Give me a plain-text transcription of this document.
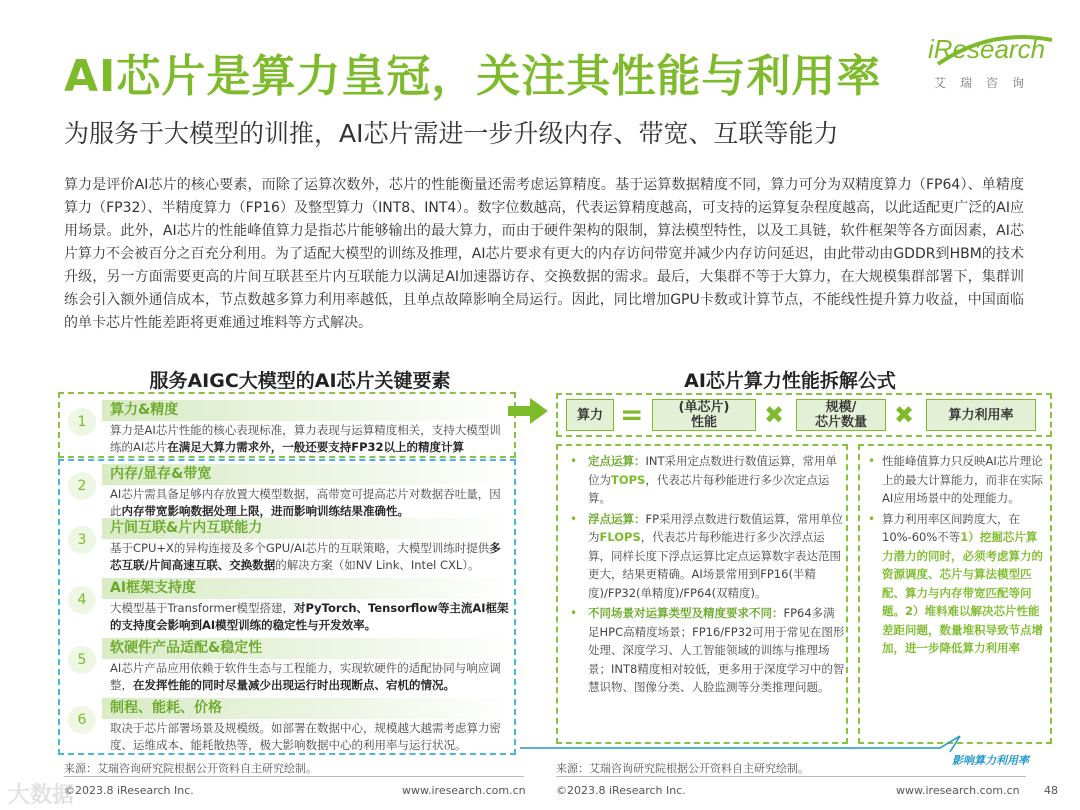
AI芯片是算力皇冠，关注其性能与利用率
iResearch
艾瑞咨询
为服务于大模型的训推，AI芯片需进一步升级内存、带宽、互联等能力
算力是评价AI芯片的核心要素，而除了运算次数外，芯片的性能衡量还需考虑运算精度。基于运算数据精度不同，算力可分为双精度算力（FP64）、单精度算力（FP32）、半精度算力（FP16）及整型算力（INT8、INT4）。数字位数越高，代表运算精度越高，可支持的运算复杂程度越高，以此适配更广泛的AI应用场景。此外，AI芯片的性能峰值算力是指芯片能够输出的最大算力，而由于硬件架构的限制，算法模型特性，以及工具链，软件框架等各方面因素，AI芯片算力不会被百分之百充分利用。为了适配大模型的训练及推理，AI芯片要求有更大的内存访问带宽并减少内存访问延迟，由此带动由GDDR到HBM的技术升级，另一方面需要更高的片间互联甚至片内互联能力以满足AI加速器访存、交换数据的需求。最后，大集群不等于大算力，在大规模集群部署下，集群训练会引入额外通信成本，节点数越多算力利用率越低，且单点故障影响全局运行。因此，同比增加GPU卡数或计算节点，不能线性提升算力收益，中国面临的单卡芯片性能差距将更难通过堆料等方式解决。
服务AIGC大模型的AI芯片关键要素	AI芯片算力性能拆解公式
1
算力&精度
算力是AI芯片性能的核心表现标准，算力表现与运算精度相关，支持大模型训练的AI芯片在满足大算力需求外，一般还要支持FP32以上的精度计算
2
内存/显存&带宽
AI芯片需具备足够内存放置大模型数据，高带宽可提高芯片对数据吞吐量，因此内存带宽影响数据处理上限，进而影响训练结果准确性。
3
片间互联&片内互联能力
基于CPU+X的异构连接及多个GPU/AI芯片的互联策略，大模型训练时提供多芯互联/片间高速互联、交换数据的解决方案（如NV Link、Intel CXL）。
4
AI框架支持度
大模型基于Transformer模型搭建，对PyTorch、Tensorflow等主流AI框架的支持度会影响到AI模型训练的稳定性与开发效率。
5
软硬件产品适配&稳定性
AI芯片产品应用依赖于软件生态与工程能力，实现软硬件的适配协同与响应调整，在发挥性能的同时尽量减少出现运行时出现断点、宕机的情况。
6
制程、能耗、价格
取决于芯片部署场景及规模级。如部署在数据中心，规模越大越需考虑算力密度、运维成本、能耗散热等，极大影响数据中心的利用率与运行状况。
算力 =	(单芯片)
性能 ✖	规模/
芯片数量 ✖	算力利用率
• 定点运算：INT采用定点数进行数值运算，常用单位为TOPS，代表芯片每秒能进行多少次定点运算。
• 浮点运算：FP采用浮点数进行数值运算，常用单位为FLOPS，代表芯片每秒能进行多少次浮点运算，同样长度下浮点运算比定点运算数字表达范围更大，结果更精确。AI场景常用到FP16(半精度)/FP32(单精度)/FP64(双精度)。
• 不同场景对运算类型及精度要求不同：FP64多满足HPC高精度场景；FP16/FP32可用于常见在图形处理、深度学习、人工智能领域的训练与推理场景；INT8精度相对较低，更多用于深度学习中的智慧识物、图像分类、人脸监测等分类推理问题。
• 性能峰值算力只反映AI芯片理论上的最大计算能力，而非在实际AI应用场景中的处理能力。
• 算力利用率区间跨度大，在10%-60%不等1）挖掘芯片算力潜力的同时，必须考虑算力的资源调度、芯片与算法模型匹配、算力与内存带宽匹配等问题。2）堆料难以解决芯片性能差距问题，数量堆积导致节点增加，进一步降低算力利用率
影响算力利用率
来源：艾瑞咨询研究院根据公开资料自主研究绘制。	来源：艾瑞咨询研究院根据公开资料自主研究绘制。
©2023.8 iResearch Inc.	www.iresearch.com.cn	©2023.8 iResearch Inc.	www.iresearch.com.cn 48
大数据
